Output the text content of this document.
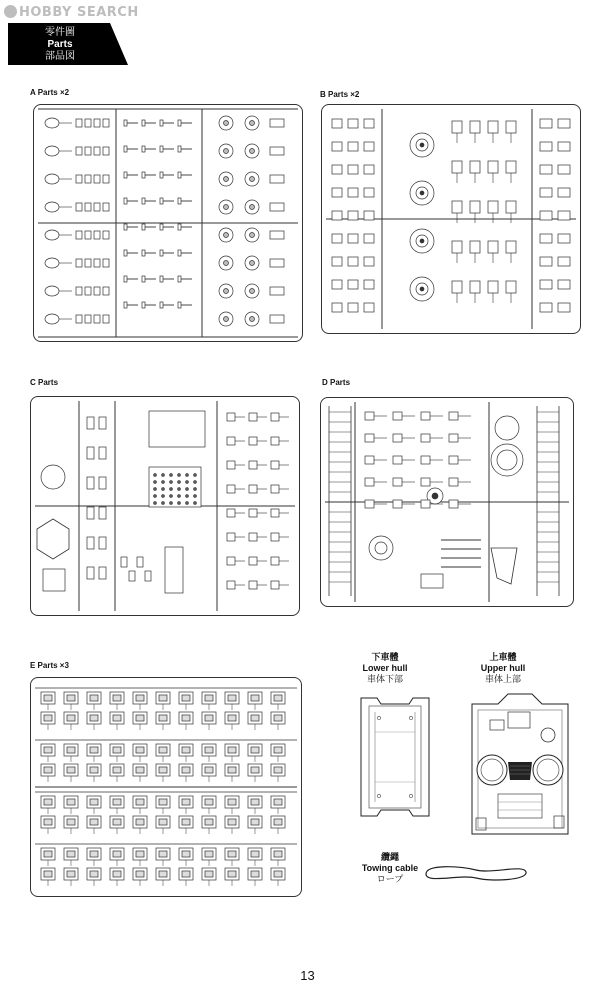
HOBBY SEARCH
零件圖
Parts
部品図
A Parts ×2	B Parts ×2
C Parts	D Parts
E Parts ×3
下車體
Lower hull
車体下部
上車體
Upper hull
車体上部
纜繩
Towing cable
ロープ
13
